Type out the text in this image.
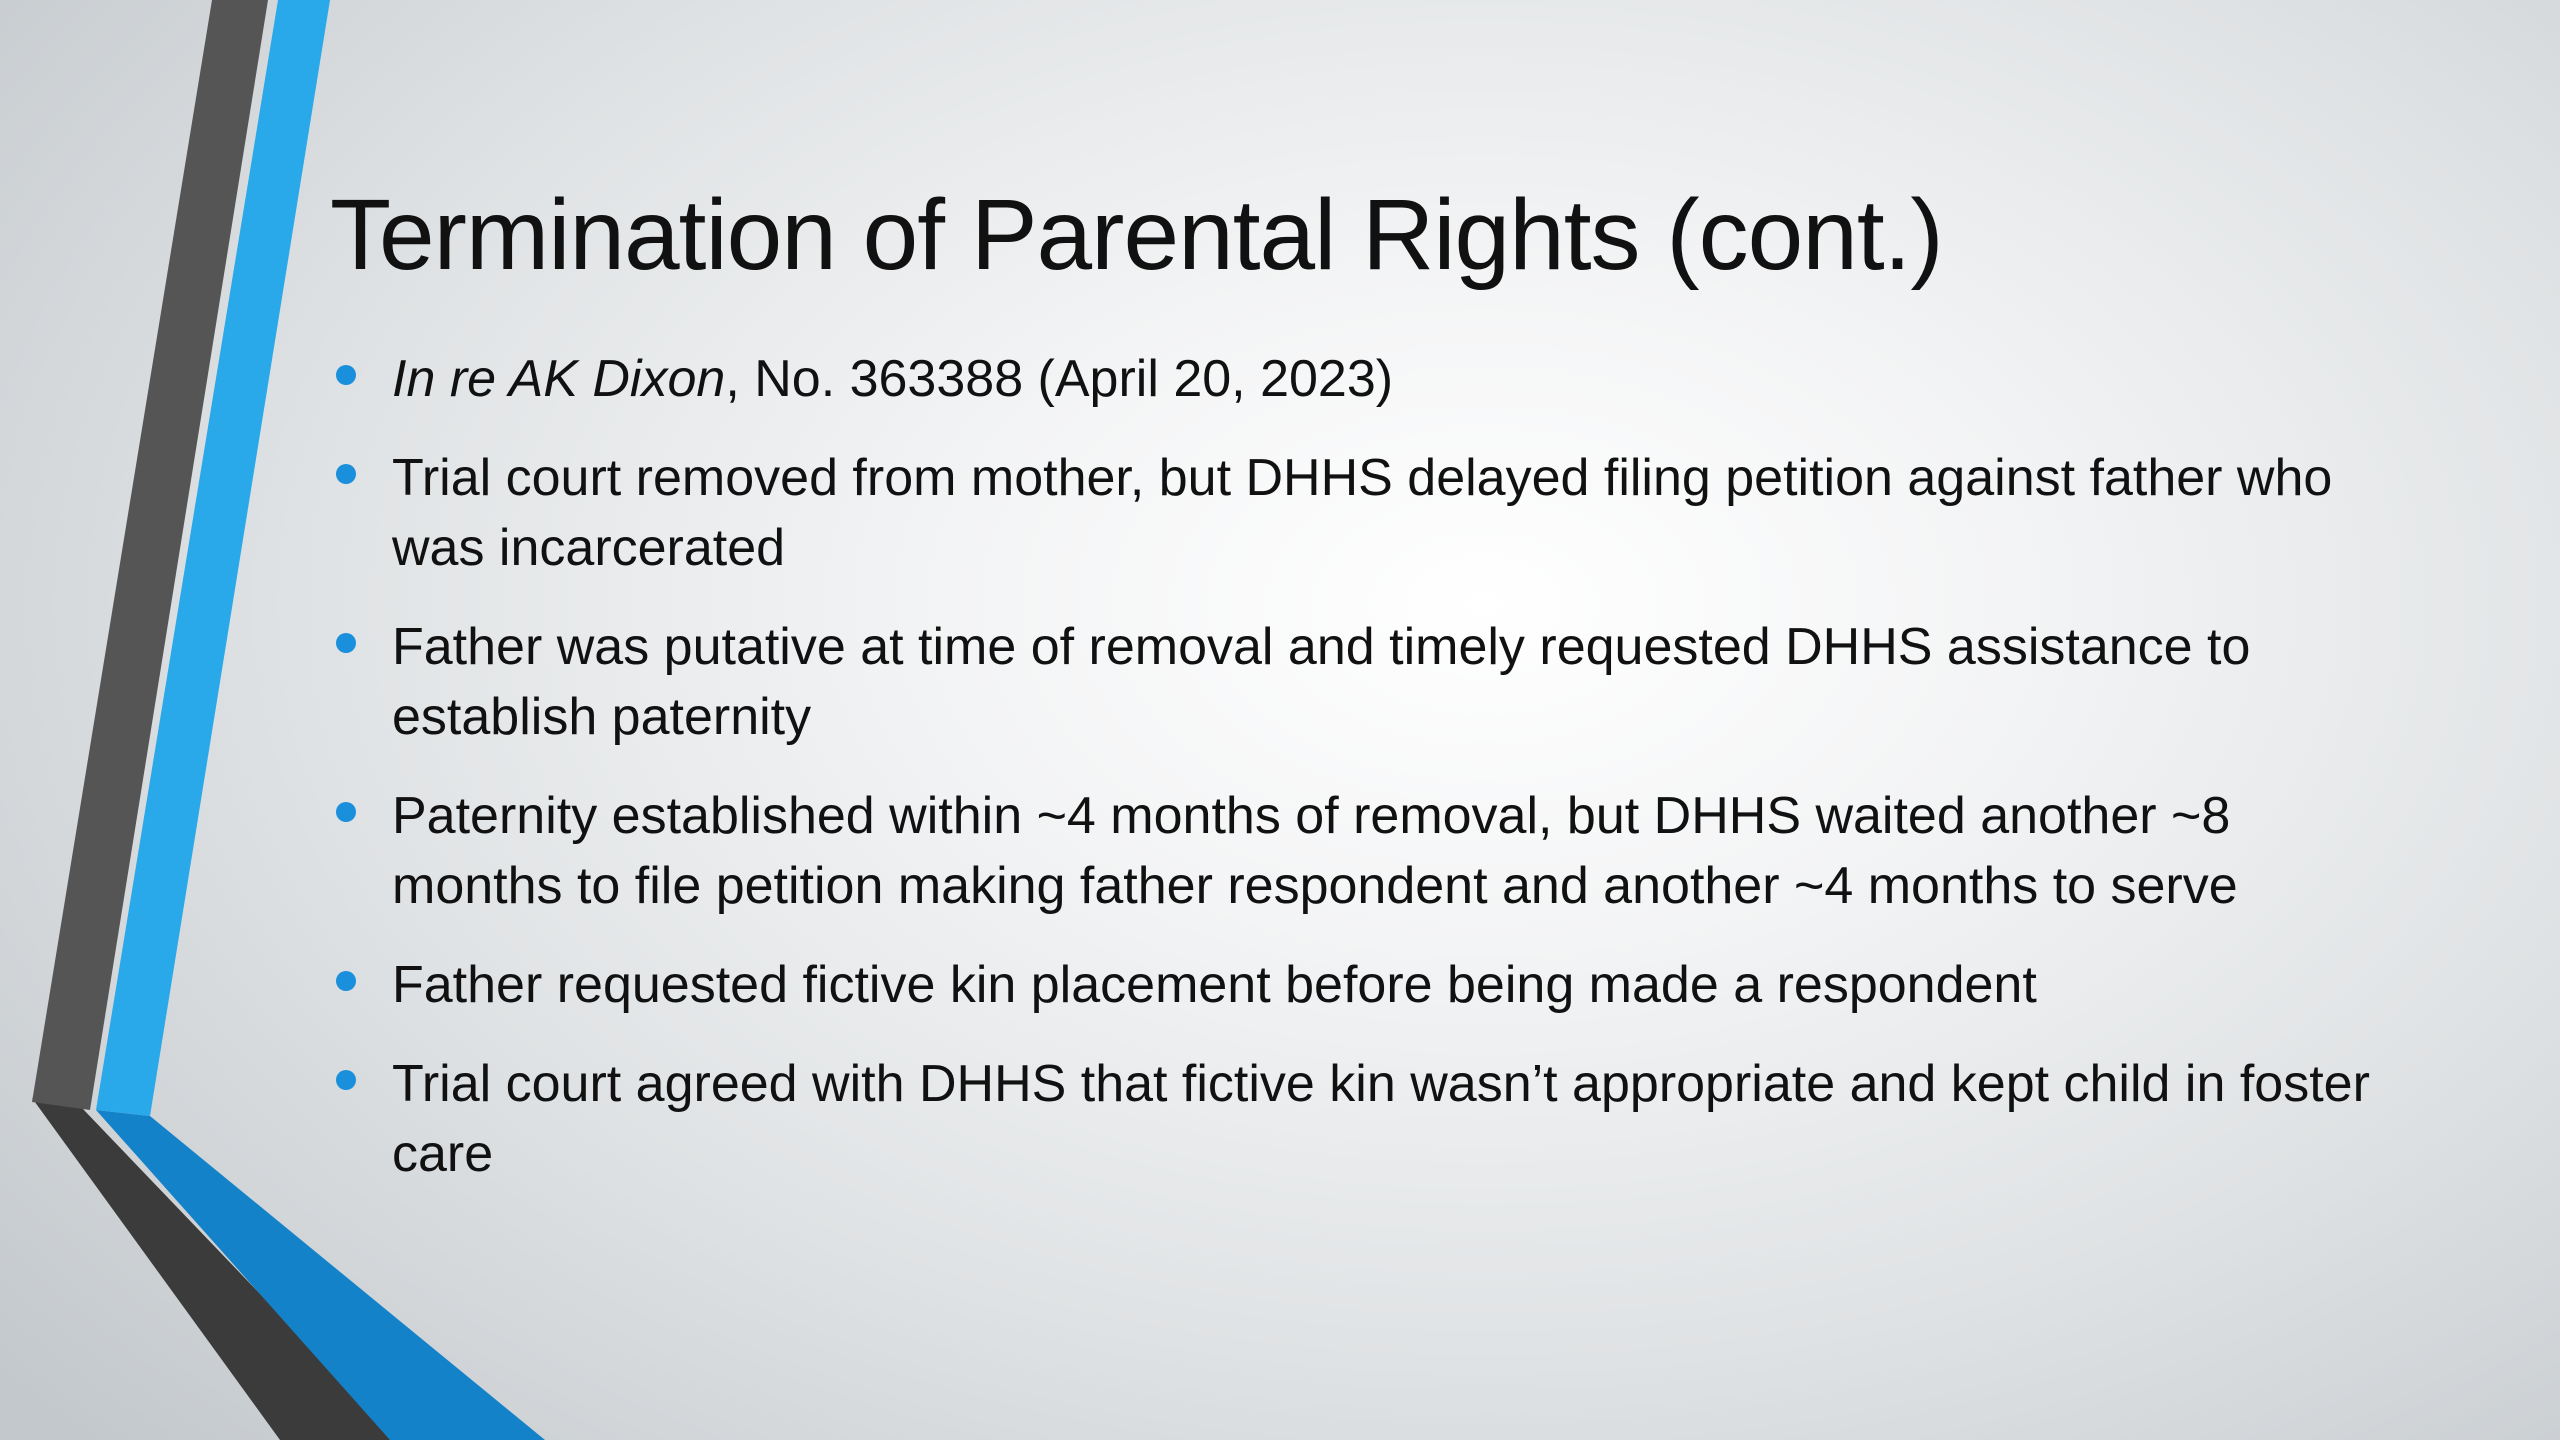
Termination of Parental Rights (cont.)
In re AK Dixon, No. 363388 (April 20, 2023)
Trial court removed from mother, but DHHS delayed filing petition against father who was incarcerated
Father was putative at time of removal and timely requested DHHS assistance to establish paternity
Paternity established within ~4 months of removal, but DHHS waited another ~8 months to file petition making father respondent and another ~4 months to serve
Father requested fictive kin placement before being made a respondent
Trial court agreed with DHHS that fictive kin wasn’t appropriate and kept child in foster care
